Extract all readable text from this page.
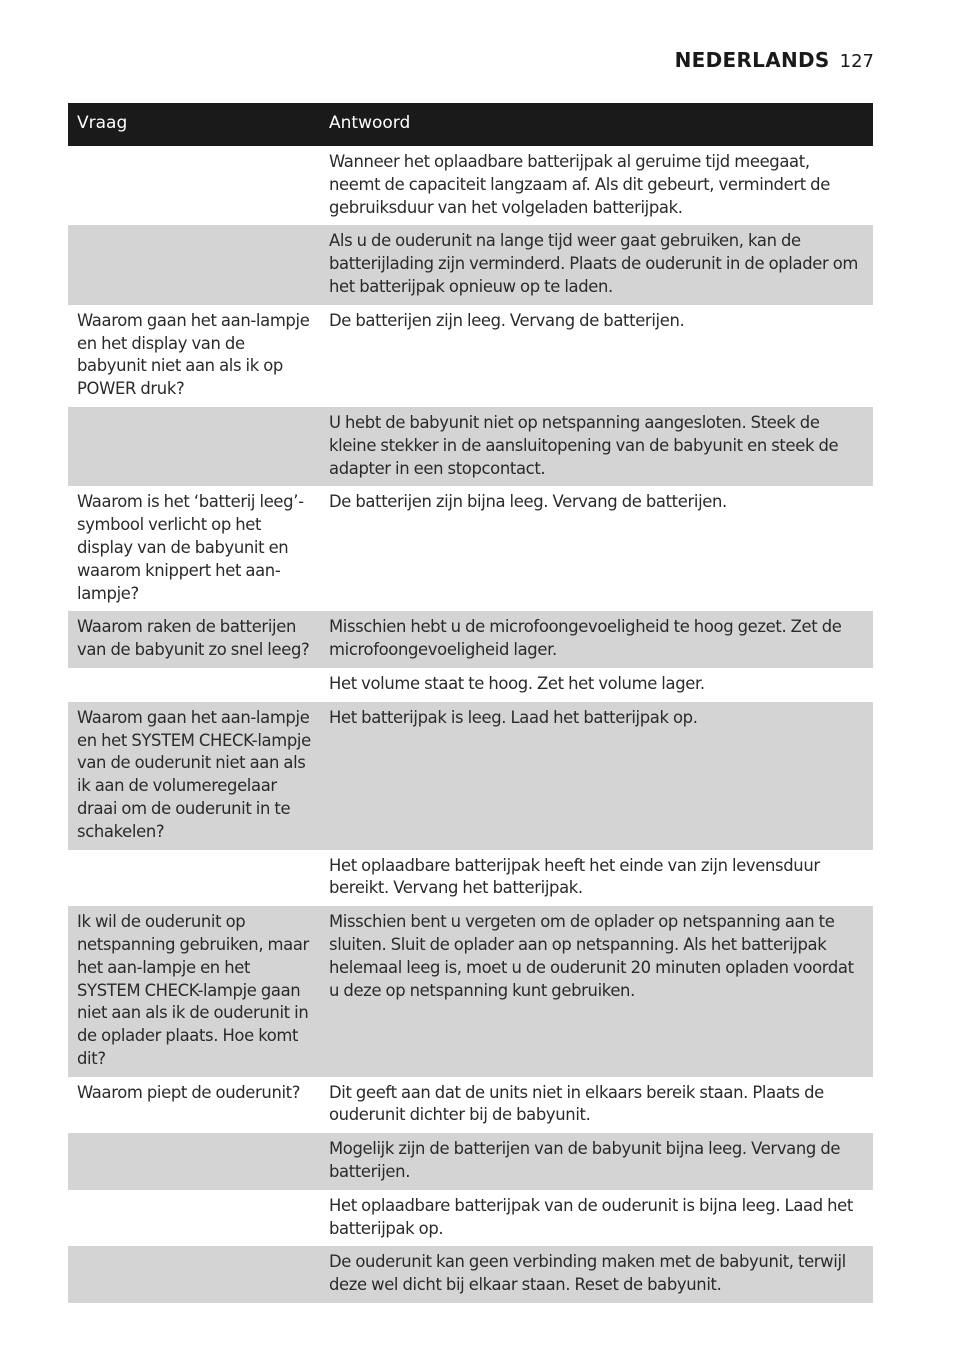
NEDERLANDS 127
Vraag	Antwoord
Wanneer het oplaadbare batterijpak al geruime tijd meegaat, neemt de capaciteit langzaam af. Als dit gebeurt, vermindert de gebruiksduur van het volgeladen batterijpak.
Als u de ouderunit na lange tijd weer gaat gebruiken, kan de batterijlading zijn verminderd. Plaats de ouderunit in de oplader om het batterijpak opnieuw op te laden.
Waarom gaan het aan-lampje en het display van de babyunit niet aan als ik op POWER druk?
De batterijen zijn leeg. Vervang de batterijen.
U hebt de babyunit niet op netspanning aangesloten. Steek de kleine stekker in de aansluitopening van de babyunit en steek de adapter in een stopcontact.
Waarom is het ‘batterij leeg’-symbool verlicht op het display van de babyunit en waarom knippert het aan-lampje?
De batterijen zijn bijna leeg. Vervang de batterijen.
Waarom raken de batterijen van de babyunit zo snel leeg?
Misschien hebt u de microfoongevoeligheid te hoog gezet. Zet de microfoongevoeligheid lager.
Het volume staat te hoog. Zet het volume lager.
Waarom gaan het aan-lampje en het SYSTEM CHECK-lampje van de ouderunit niet aan als ik aan de volumeregelaar draai om de ouderunit in te schakelen?
Het batterijpak is leeg. Laad het batterijpak op.
Het oplaadbare batterijpak heeft het einde van zijn levensduur bereikt. Vervang het batterijpak.
Ik wil de ouderunit op netspanning gebruiken, maar het aan-lampje en het SYSTEM CHECK-lampje gaan niet aan als ik de ouderunit in de oplader plaats. Hoe komt dit?
Misschien bent u vergeten om de oplader op netspanning aan te sluiten. Sluit de oplader aan op netspanning. Als het batterijpak helemaal leeg is, moet u de ouderunit 20 minuten opladen voordat u deze op netspanning kunt gebruiken.
Waarom piept de ouderunit?	Dit geeft aan dat de units niet in elkaars bereik staan. Plaats de ouderunit dichter bij de babyunit.
Mogelijk zijn de batterijen van de babyunit bijna leeg. Vervang de batterijen.
Het oplaadbare batterijpak van de ouderunit is bijna leeg. Laad het batterijpak op.
De ouderunit kan geen verbinding maken met de babyunit, terwijl deze wel dicht bij elkaar staan. Reset de babyunit.
